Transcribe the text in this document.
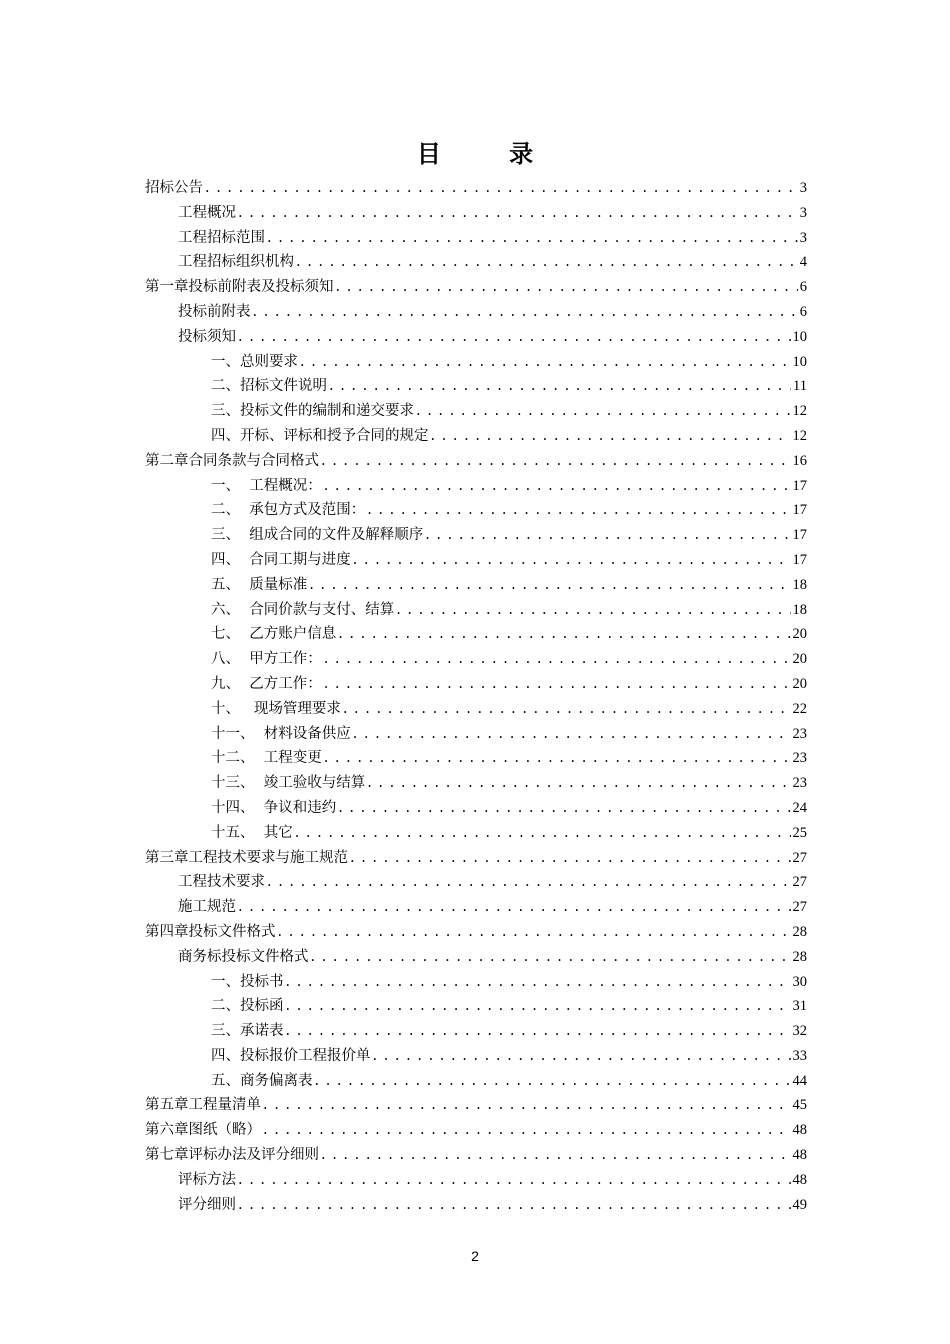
目 录
招标公告 . . .	3
工程概况 . . .	3
工程招标范围 . . .	3
工程招标组织机构 . . .	4
第一章投标前附表及投标须知 . . .	6
投标前附表 . . .	6
投标须知 . . .	10
一、总则要求 . . .	10
二、招标文件说明 . . .	11
三、投标文件的编制和递交要求 . . .	12
四、开标、评标和授予合同的规定 . . .	12
第二章合同条款与合同格式 . . .	16
一、  工程概况： . . .	17
二、  承包方式及范围： . . .	17
三、  组成合同的文件及解释顺序 . . .	17
四、  合同工期与进度 . . .	17
五、  质量标准 . . .	18
六、  合同价款与支付、结算 . . .	18
七、  乙方账户信息 . . .	20
八、  甲方工作： . . .	20
九、  乙方工作： . . .	20
十、   现场管理要求 . . .	22
十一、  材料设备供应 . . .	23
十二、  工程变更 . . .	23
十三、  竣工验收与结算 . . .	23
十四、  争议和违约 . . .	24
十五、  其它 . . .	25
第三章工程技术要求与施工规范 . . .	27
工程技术要求 . . .	27
施工规范 . . .	27
第四章投标文件格式 . . .	28
商务标投标文件格式 . . .	28
一、投标书 . . .	30
二、投标函 . . .	31
三、承诺表 . . .	32
四、投标报价工程报价单 . . .	33
五、商务偏离表 . . .	44
第五章工程量清单 . . .	45
第六章图纸（略） . . .	48
第七章评标办法及评分细则 . . .	48
评标方法 . . .	48
评分细则 . . .	49
2
